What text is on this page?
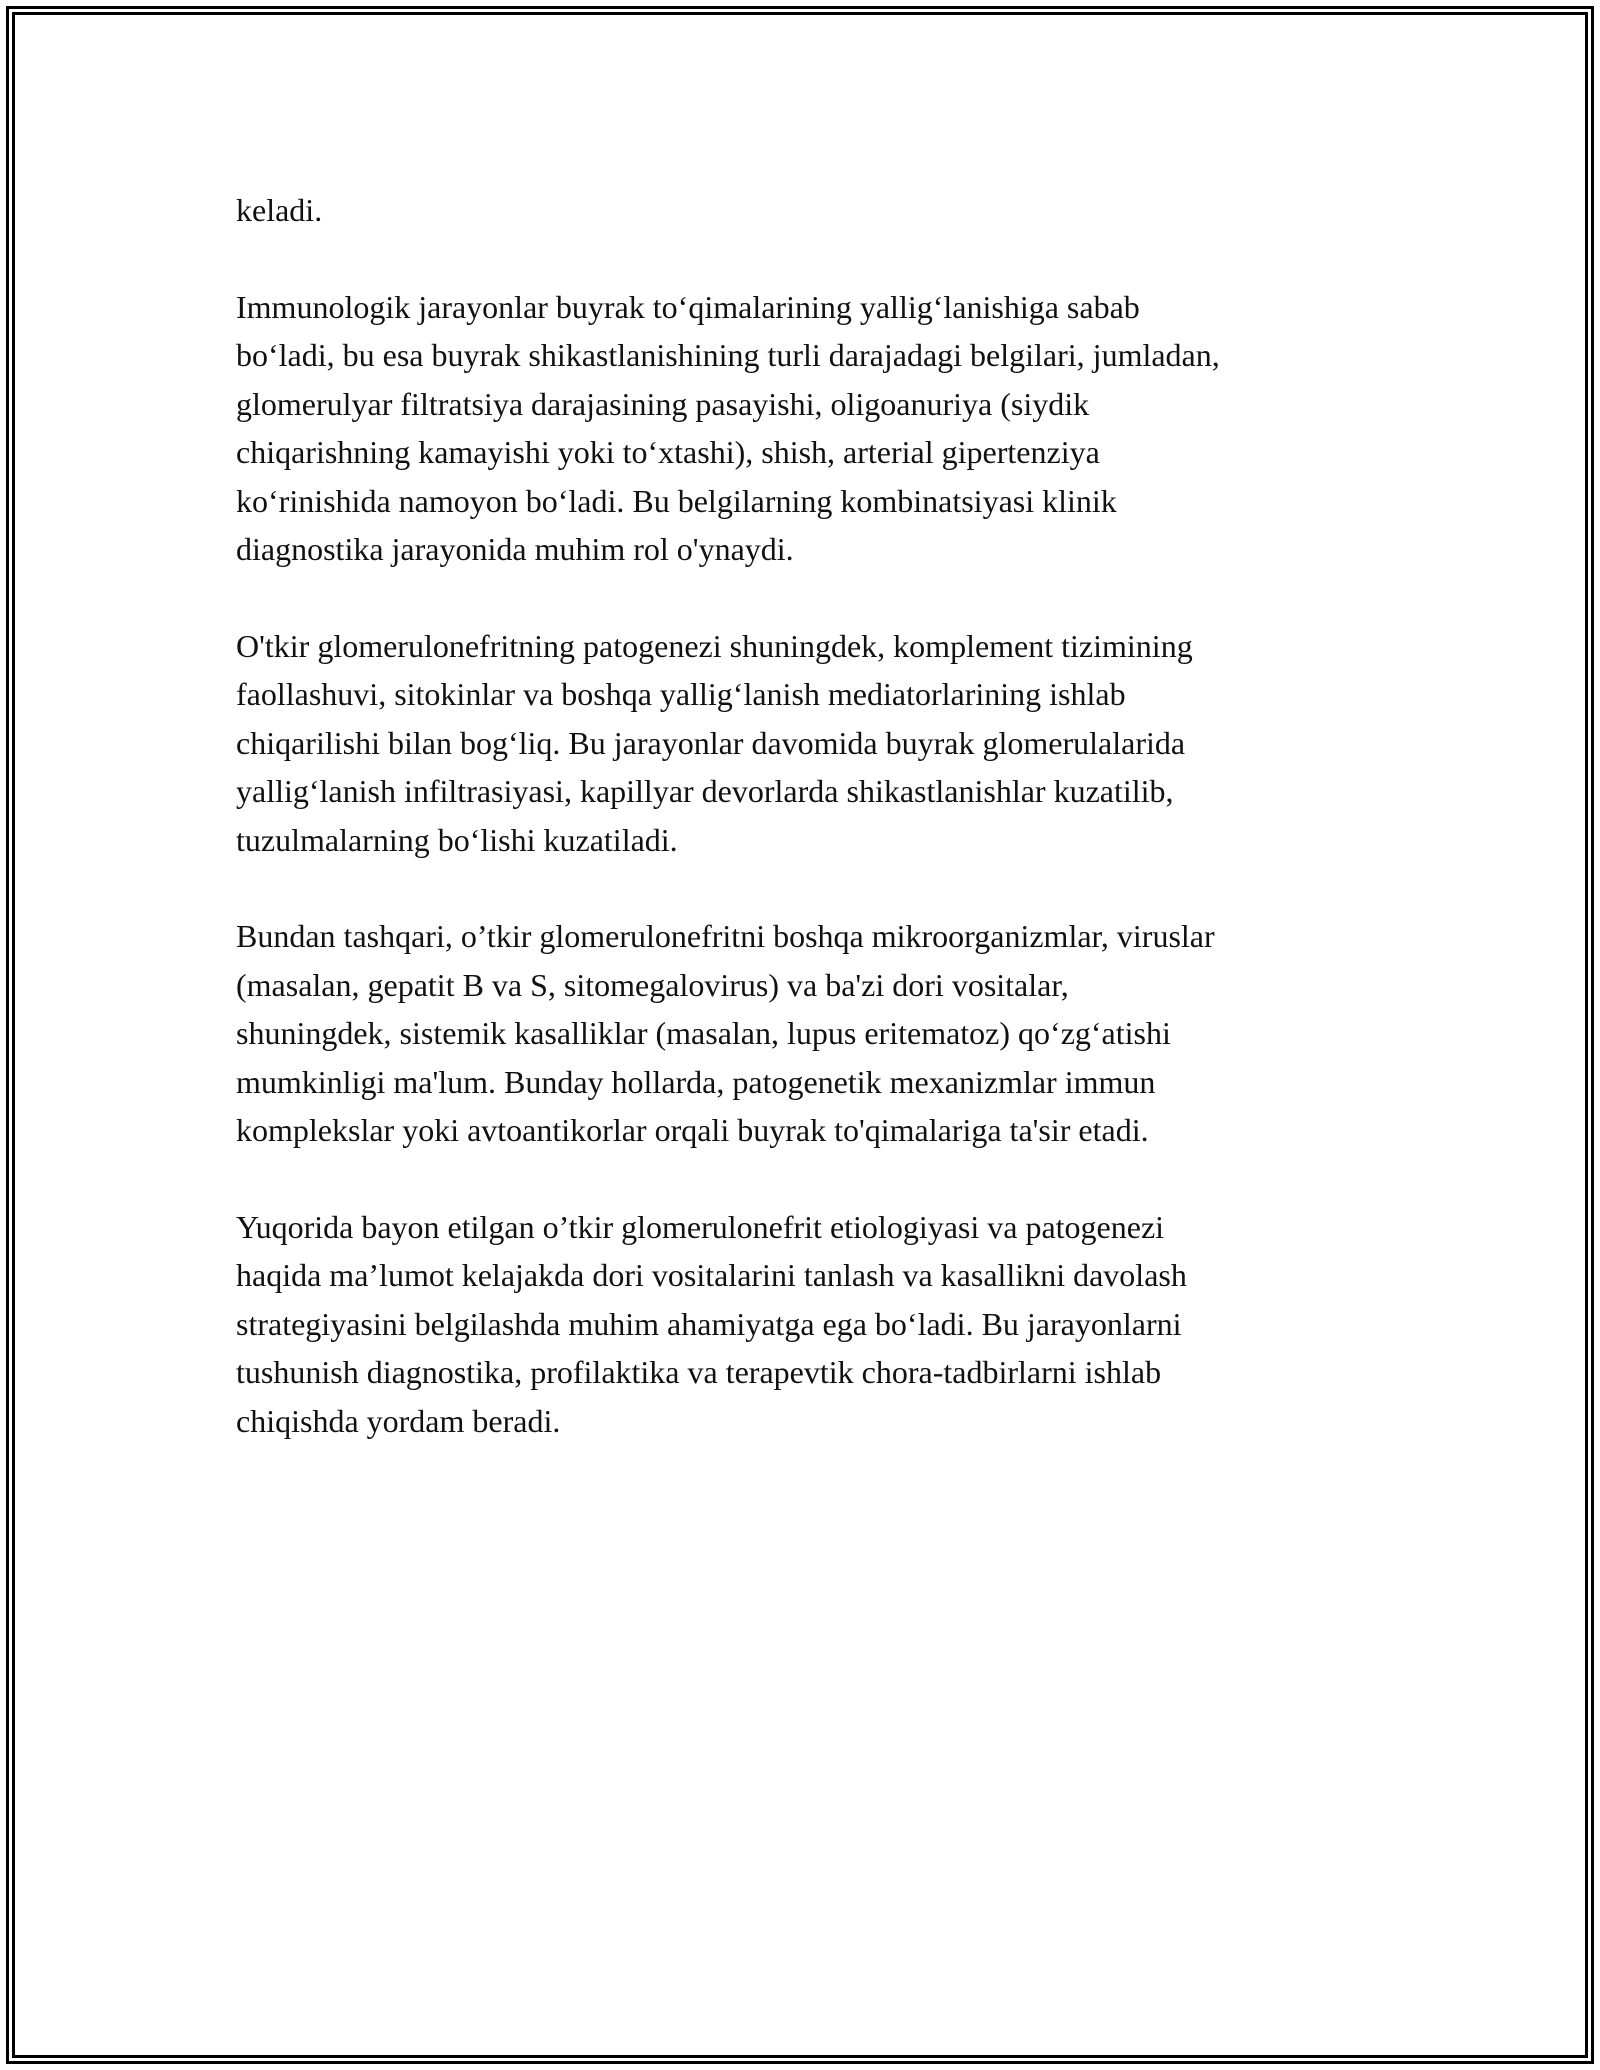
keladi.
Immunologik jarayonlar buyrak to‘qimalarining yallig‘lanishiga sabab
bo‘ladi, bu esa buyrak shikastlanishining turli darajadagi belgilari, jumladan,
glomerulyar filtratsiya darajasining pasayishi, oligoanuriya (siydik
chiqarishning kamayishi yoki to‘xtashi), shish, arterial gipertenziya
ko‘rinishida namoyon bo‘ladi. Bu belgilarning kombinatsiyasi klinik
diagnostika jarayonida muhim rol o'ynaydi.
O'tkir glomerulonefritning patogenezi shuningdek, komplement tizimining
faollashuvi, sitokinlar va boshqa yallig‘lanish mediatorlarining ishlab
chiqarilishi bilan bog‘liq. Bu jarayonlar davomida buyrak glomerulalarida
yallig‘lanish infiltrasiyasi, kapillyar devorlarda shikastlanishlar kuzatilib,
tuzulmalarning bo‘lishi kuzatiladi.
Bundan tashqari, o’tkir glomerulonefritni boshqa mikroorganizmlar, viruslar
(masalan, gepatit B va S, sitomegalovirus) va ba'zi dori vositalar,
shuningdek, sistemik kasalliklar (masalan, lupus eritematoz) qo‘zg‘atishi
mumkinligi ma'lum. Bunday hollarda, patogenetik mexanizmlar immun
komplekslar yoki avtoantikorlar orqali buyrak to'qimalariga ta'sir etadi.
Yuqorida bayon etilgan o’tkir glomerulonefrit etiologiyasi va patogenezi
haqida ma’lumot kelajakda dori vositalarini tanlash va kasallikni davolash
strategiyasini belgilashda muhim ahamiyatga ega bo‘ladi. Bu jarayonlarni
tushunish diagnostika, profilaktika va terapevtik chora-tadbirlarni ishlab
chiqishda yordam beradi.
